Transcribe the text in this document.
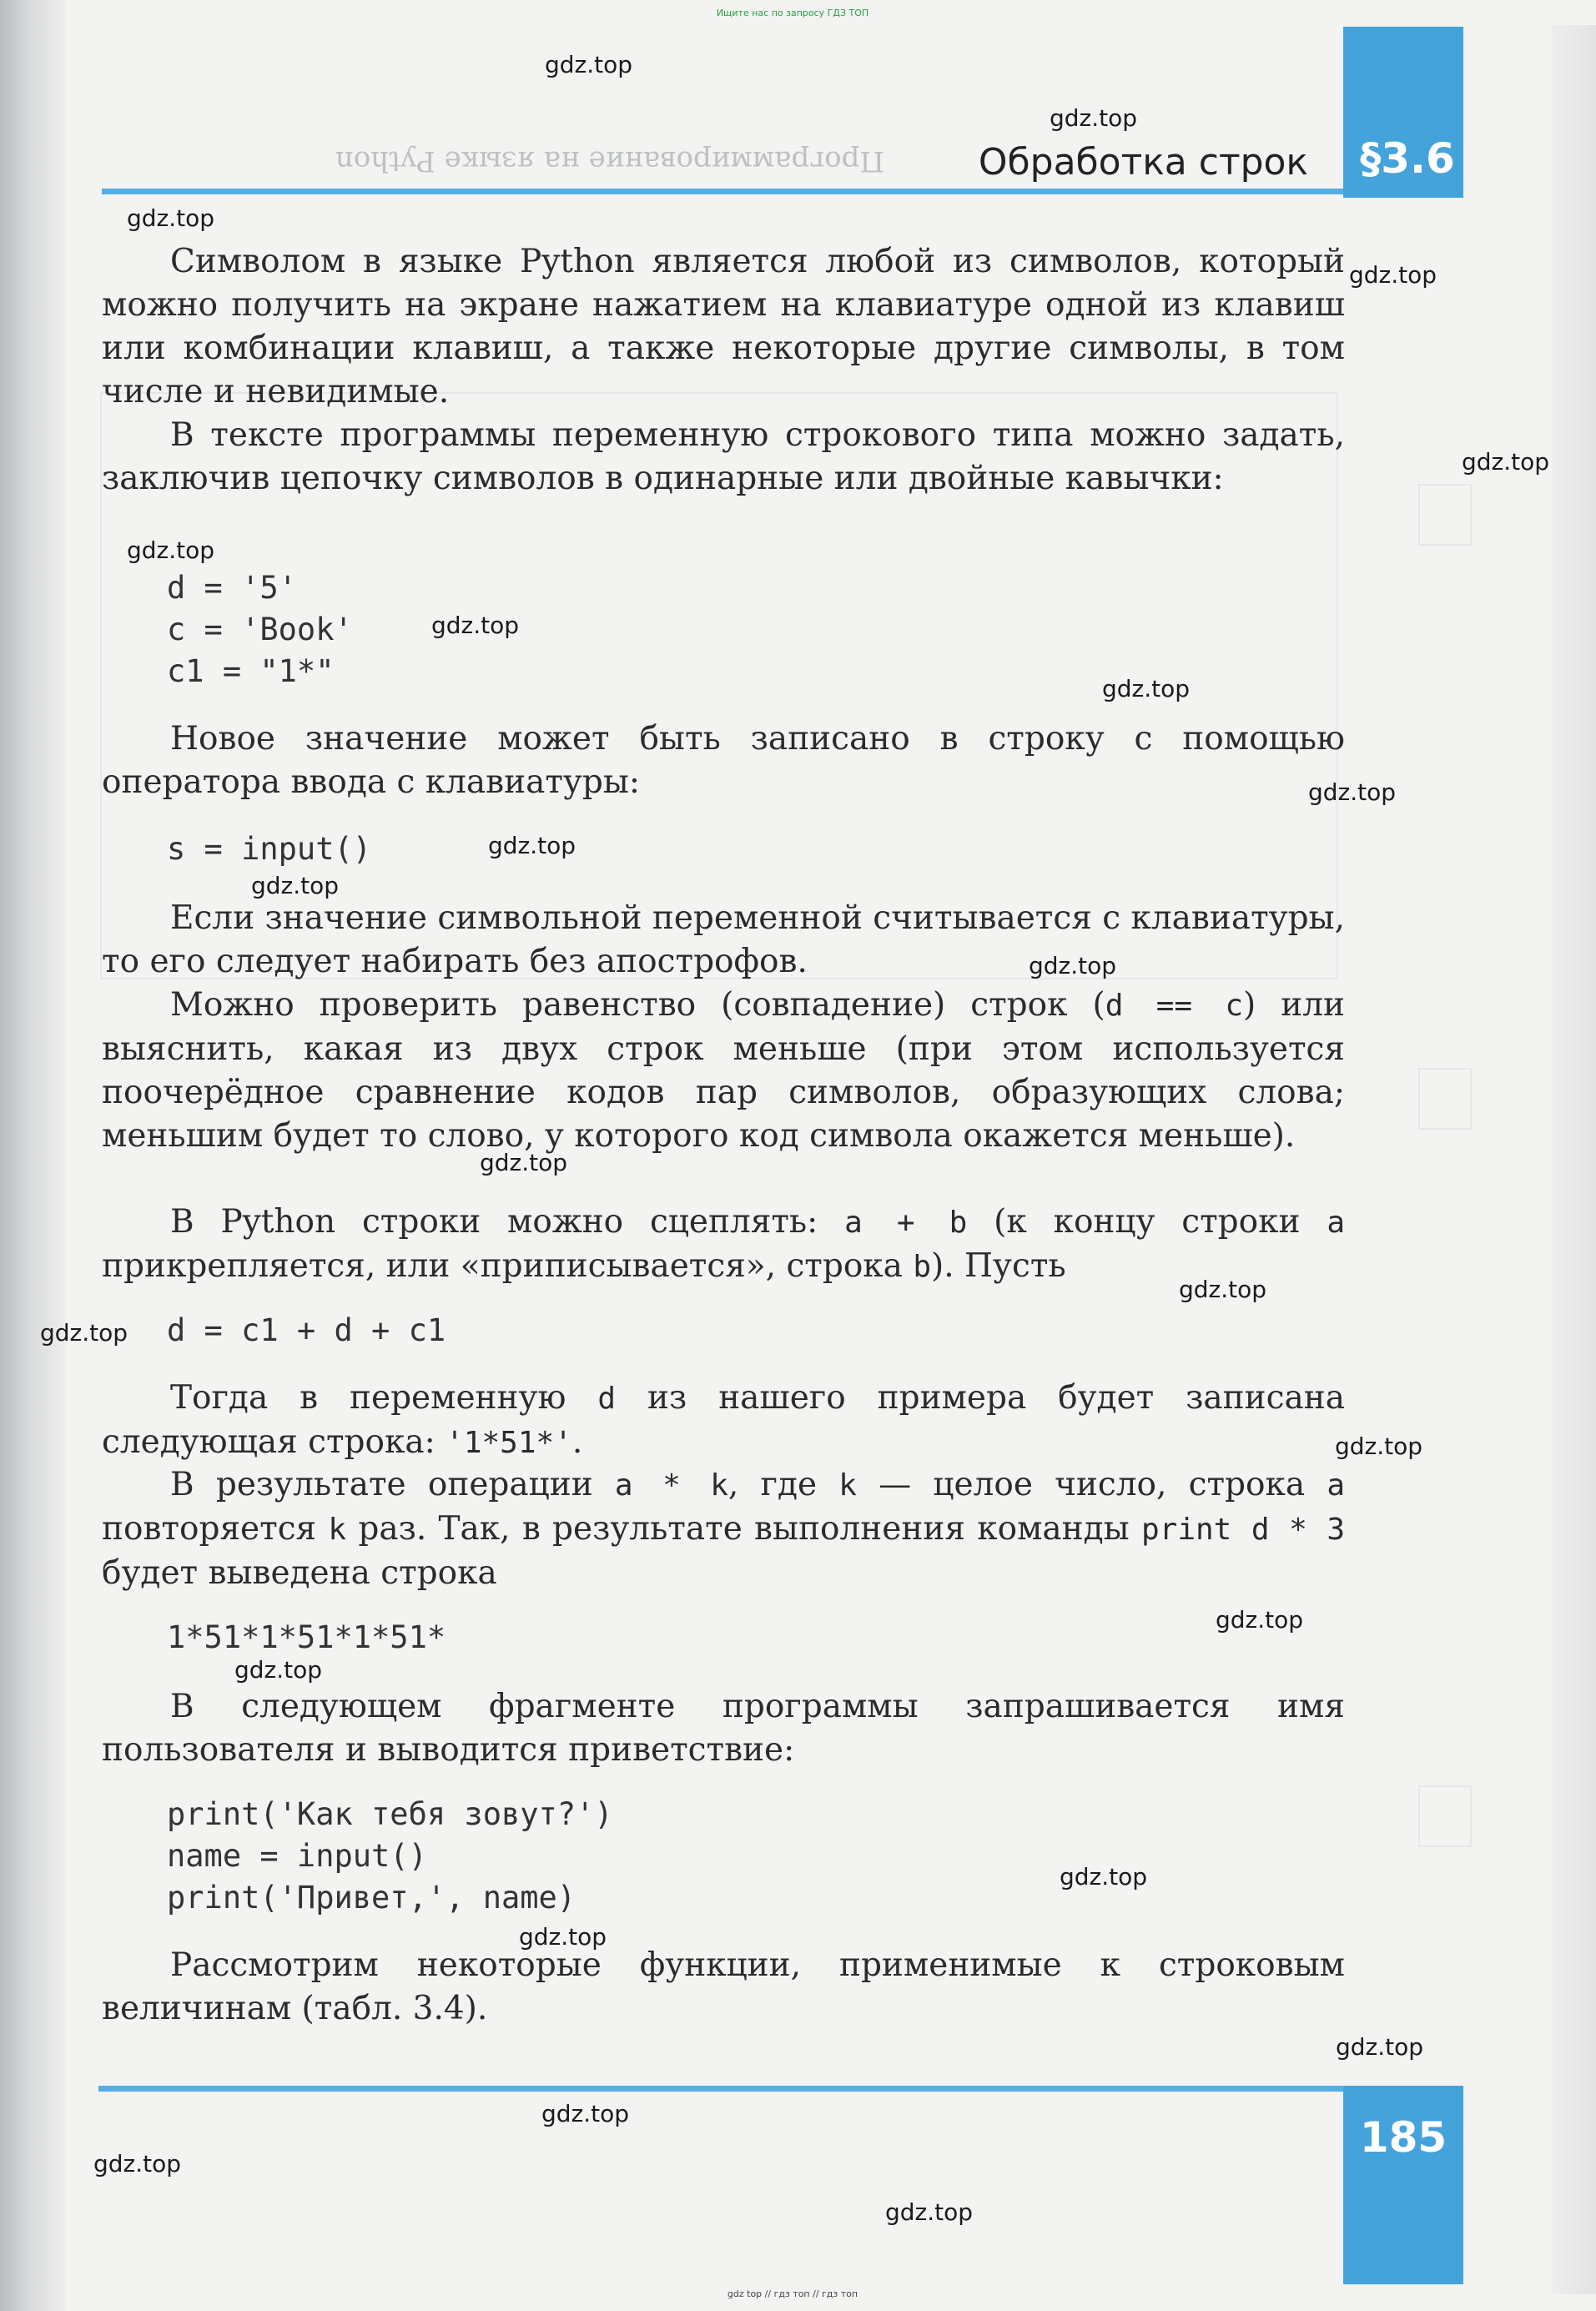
Ищите нас по запросу ГДЗ ТОП
§3.6
Программирование на языке Python	Обработка строк
Символом в языке Python является любой из символов, который можно получить на экране нажатием на клавиатуре одной из клавиш или комбинации клавиш, а также некоторые другие символы, в том числе и невидимые.
В тексте программы переменную строкового типа можно задать, заключив цепочку символов в одинарные или двойные кавычки:
d = '5'
c = 'Book'
c1 = "1*"
Новое значение может быть записано в строку с помощью оператора ввода с клавиатуры:
s = input()
Если значение символьной переменной считывается с клавиатуры, то его следует набирать без апострофов.
Можно проверить равенство (совпадение) строк (d == c) или выяснить, какая из двух строк меньше (при этом используется поочерёдное сравнение кодов пар символов, образующих слова; меньшим будет то слово, у которого код символа окажется меньше).
В Python строки можно сцеплять: a + b (к концу строки a прикрепляется, или «приписывается», строка b). Пусть
d = c1 + d + c1
Тогда в переменную d из нашего примера будет записана следующая строка: '1*51*'.
В результате операции a * k, где k — целое число, строка a повторяется k раз. Так, в результате выполнения команды print d * 3 будет выведена строка
1*51*1*51*1*51*
В следующем фрагменте программы запрашивается имя пользователя и выводится приветствие:
print('Как тебя зовут?')
name = input()
print('Привет,', name)
Рассмотрим некоторые функции, применимые к строковым величинам (табл. 3.4).
185
gdz top // гдз топ // гдз топ
gdz.top
gdz.top
gdz.top
gdz.top
gdz.top
gdz.top
gdz.top
gdz.top
gdz.top
gdz.top
gdz.top
gdz.top
gdz.top
gdz.top
gdz.top
gdz.top
gdz.top
gdz.top
gdz.top
gdz.top
gdz.top
gdz.top
gdz.top
gdz.top
